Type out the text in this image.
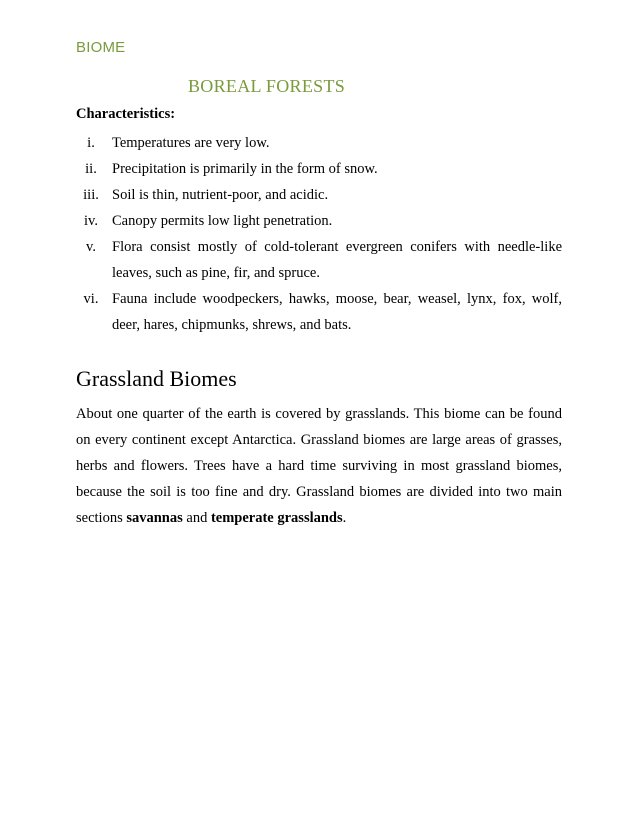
BIOME
BOREAL FORESTS
Characteristics:
i.	Temperatures are very low.
ii.	Precipitation is primarily in the form of snow.
iii. Soil is thin, nutrient-poor, and acidic.
iv. Canopy permits low light penetration.
v.	Flora consist mostly of cold-tolerant evergreen conifers with needle-like leaves, such as pine, fir, and spruce.
vi. Fauna include woodpeckers, hawks, moose, bear, weasel, lynx, fox, wolf, deer, hares, chipmunks, shrews, and bats.
Grassland Biomes

About one quarter of the earth is covered by grasslands. This biome can be found on every continent except Antarctica. Grassland biomes are large areas of grasses, herbs and flowers. Trees have a hard time surviving in most grassland biomes, because the soil is too fine and dry. Grassland biomes are divided into two main sections savannas and temperate grasslands.
